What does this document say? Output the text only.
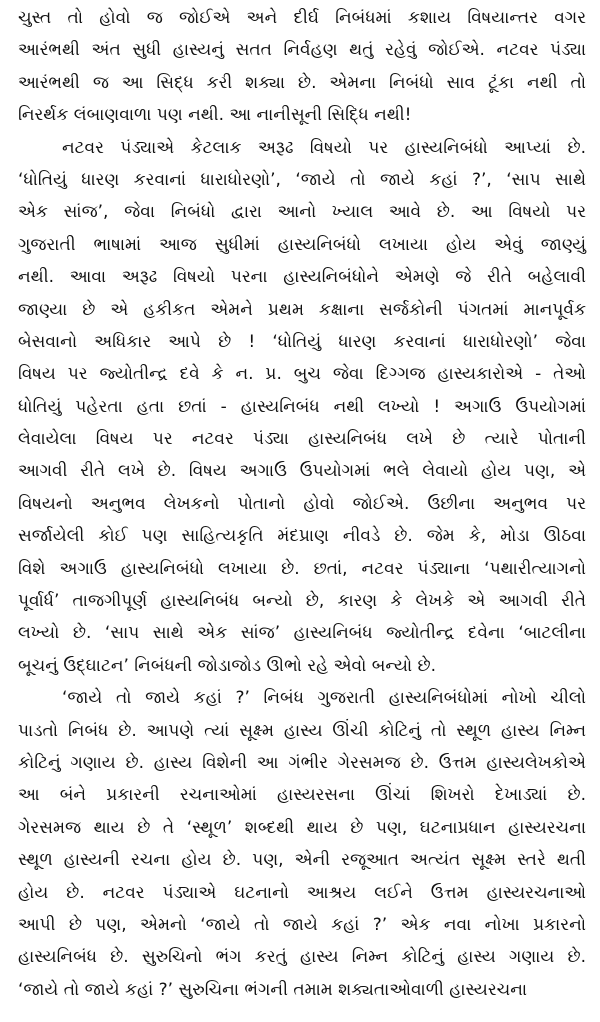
ચુસ્ત તો હોવો જ જોઈએ અને દીર્ઘ નિબંધમાં કશાય વિષયાન્તર વગર
આરંભથી અંત સુધી હાસ્યનું સતત નિર્વહણ થતું રહેવું જોઈએ. નટવર પંડ્યા
આરંભથી જ આ સિદ્ધ કરી શક્યા છે. એમના નિબંધો સાવ ટૂંકા નથી તો
નિરર્થક લંબાણવાળા પણ નથી. આ નાનીસૂની સિદ્ધિ નથી!
નટવર પંડ્યાએ કેટલાક અરૂઢ વિષયો પર હાસ્યનિબંધો આપ્યાં છે.
‘ધોતિયું ધારણ કરવાનાં ધારાધોરણો’, ‘જાયે તો જાયે કહાં ?’, ‘સાપ સાથે
એક સાંજ’, જેવા નિબંધો દ્વારા આનો ખ્યાલ આવે છે. આ વિષયો પર
ગુજરાતી ભાષામાં આજ સુધીમાં હાસ્યનિબંધો લખાયા હોય એવું જાણ્યું
નથી. આવા અરૂઢ વિષયો પરના હાસ્યનિબંધોને એમણે જે રીતે બહેલાવી
જાણ્યા છે એ હકીકત એમને પ્રથમ કક્ષાના સર્જકોની પંગતમાં માનપૂર્વક
બેસવાનો અધિકાર આપે છે ! ‘ધોતિયું ધારણ કરવાનાં ધારાધોરણો’ જેવા
વિષય પર જ્યોતીન્દ્ર દવે કે ન. પ્ર. બુચ જેવા દિગ્ગજ હાસ્યકારોએ - તેઓ
ધોતિયું પહેરતા હતા છતાં - હાસ્યનિબંધ નથી લખ્યો ! અગાઉ ઉપયોગમાં
લેવાયેલા વિષય પર નટવર પંડ્યા હાસ્યનિબંધ લખે છે ત્યારે પોતાની
આગવી રીતે લખે છે. વિષય અગાઉ ઉપયોગમાં ભલે લેવાયો હોય પણ, એ
વિષયનો અનુભવ લેખકનો પોતાનો હોવો જોઈએ. ઉછીના અનુભવ પર
સર્જાયેલી કોઈ પણ સાહિત્યકૃતિ મંદપ્રાણ નીવડે છે. જેમ કે, મોડા ઊઠવા
વિશે અગાઉ હાસ્યનિબંધો લખાયા છે. છતાં, નટવર પંડ્યાના ‘પથારીત્યાગનો
પૂર્વાર્ધ’ તાજગીપૂર્ણ હાસ્યનિબંધ બન્યો છે, કારણ કે લેખકે એ આગવી રીતે
લખ્યો છે. ‘સાપ સાથે એક સાંજ’ હાસ્યનિબંધ જ્યોતીન્દ્ર દવેના ‘બાટલીના
બૂચનું ઉદ્‌ઘાટન’ નિબંધની જોડાજોડ ઊભો રહે એવો બન્યો છે.
‘જાયે તો જાયે કહાં ?’ નિબંધ ગુજરાતી હાસ્યનિબંધોમાં નોખો ચીલો
પાડતો નિબંધ છે. આપણે ત્યાં સૂક્ષ્મ હાસ્ય ઊંચી કોટિનું તો સ્થૂળ હાસ્ય નિમ્ન
કોટિનું ગણાય છે. હાસ્ય વિશેની આ ગંભીર ગેરસમજ છે. ઉત્તમ હાસ્યલેખકોએ
આ બંને પ્રકારની રચનાઓમાં હાસ્યરસના ઊંચાં શિખરો દેખાડ્યાં છે.
ગેરસમજ થાય છે તે ‘સ્થૂળ’ શબ્દથી થાય છે પણ, ઘટનાપ્રધાન હાસ્યરચના
સ્થૂળ હાસ્યની રચના હોય છે. પણ, એની રજૂઆત અત્યંત સૂક્ષ્મ સ્તરે થતી
હોય છે. નટવર પંડ્યાએ ઘટનાનો આશ્રય લઈને ઉત્તમ હાસ્યરચનાઓ
આપી છે પણ, એમનો ‘જાયે તો જાયે કહાં ?’ એક નવા નોખા પ્રકારનો
હાસ્યનિબંધ છે. સુરુચિનો ભંગ કરતું હાસ્ય નિમ્ન કોટિનું હાસ્ય ગણાય છે.
‘જાયે તો જાયે કહાં ?’ સુરુચિના ભંગની તમામ શક્યતાઓવાળી હાસ્યરચના
